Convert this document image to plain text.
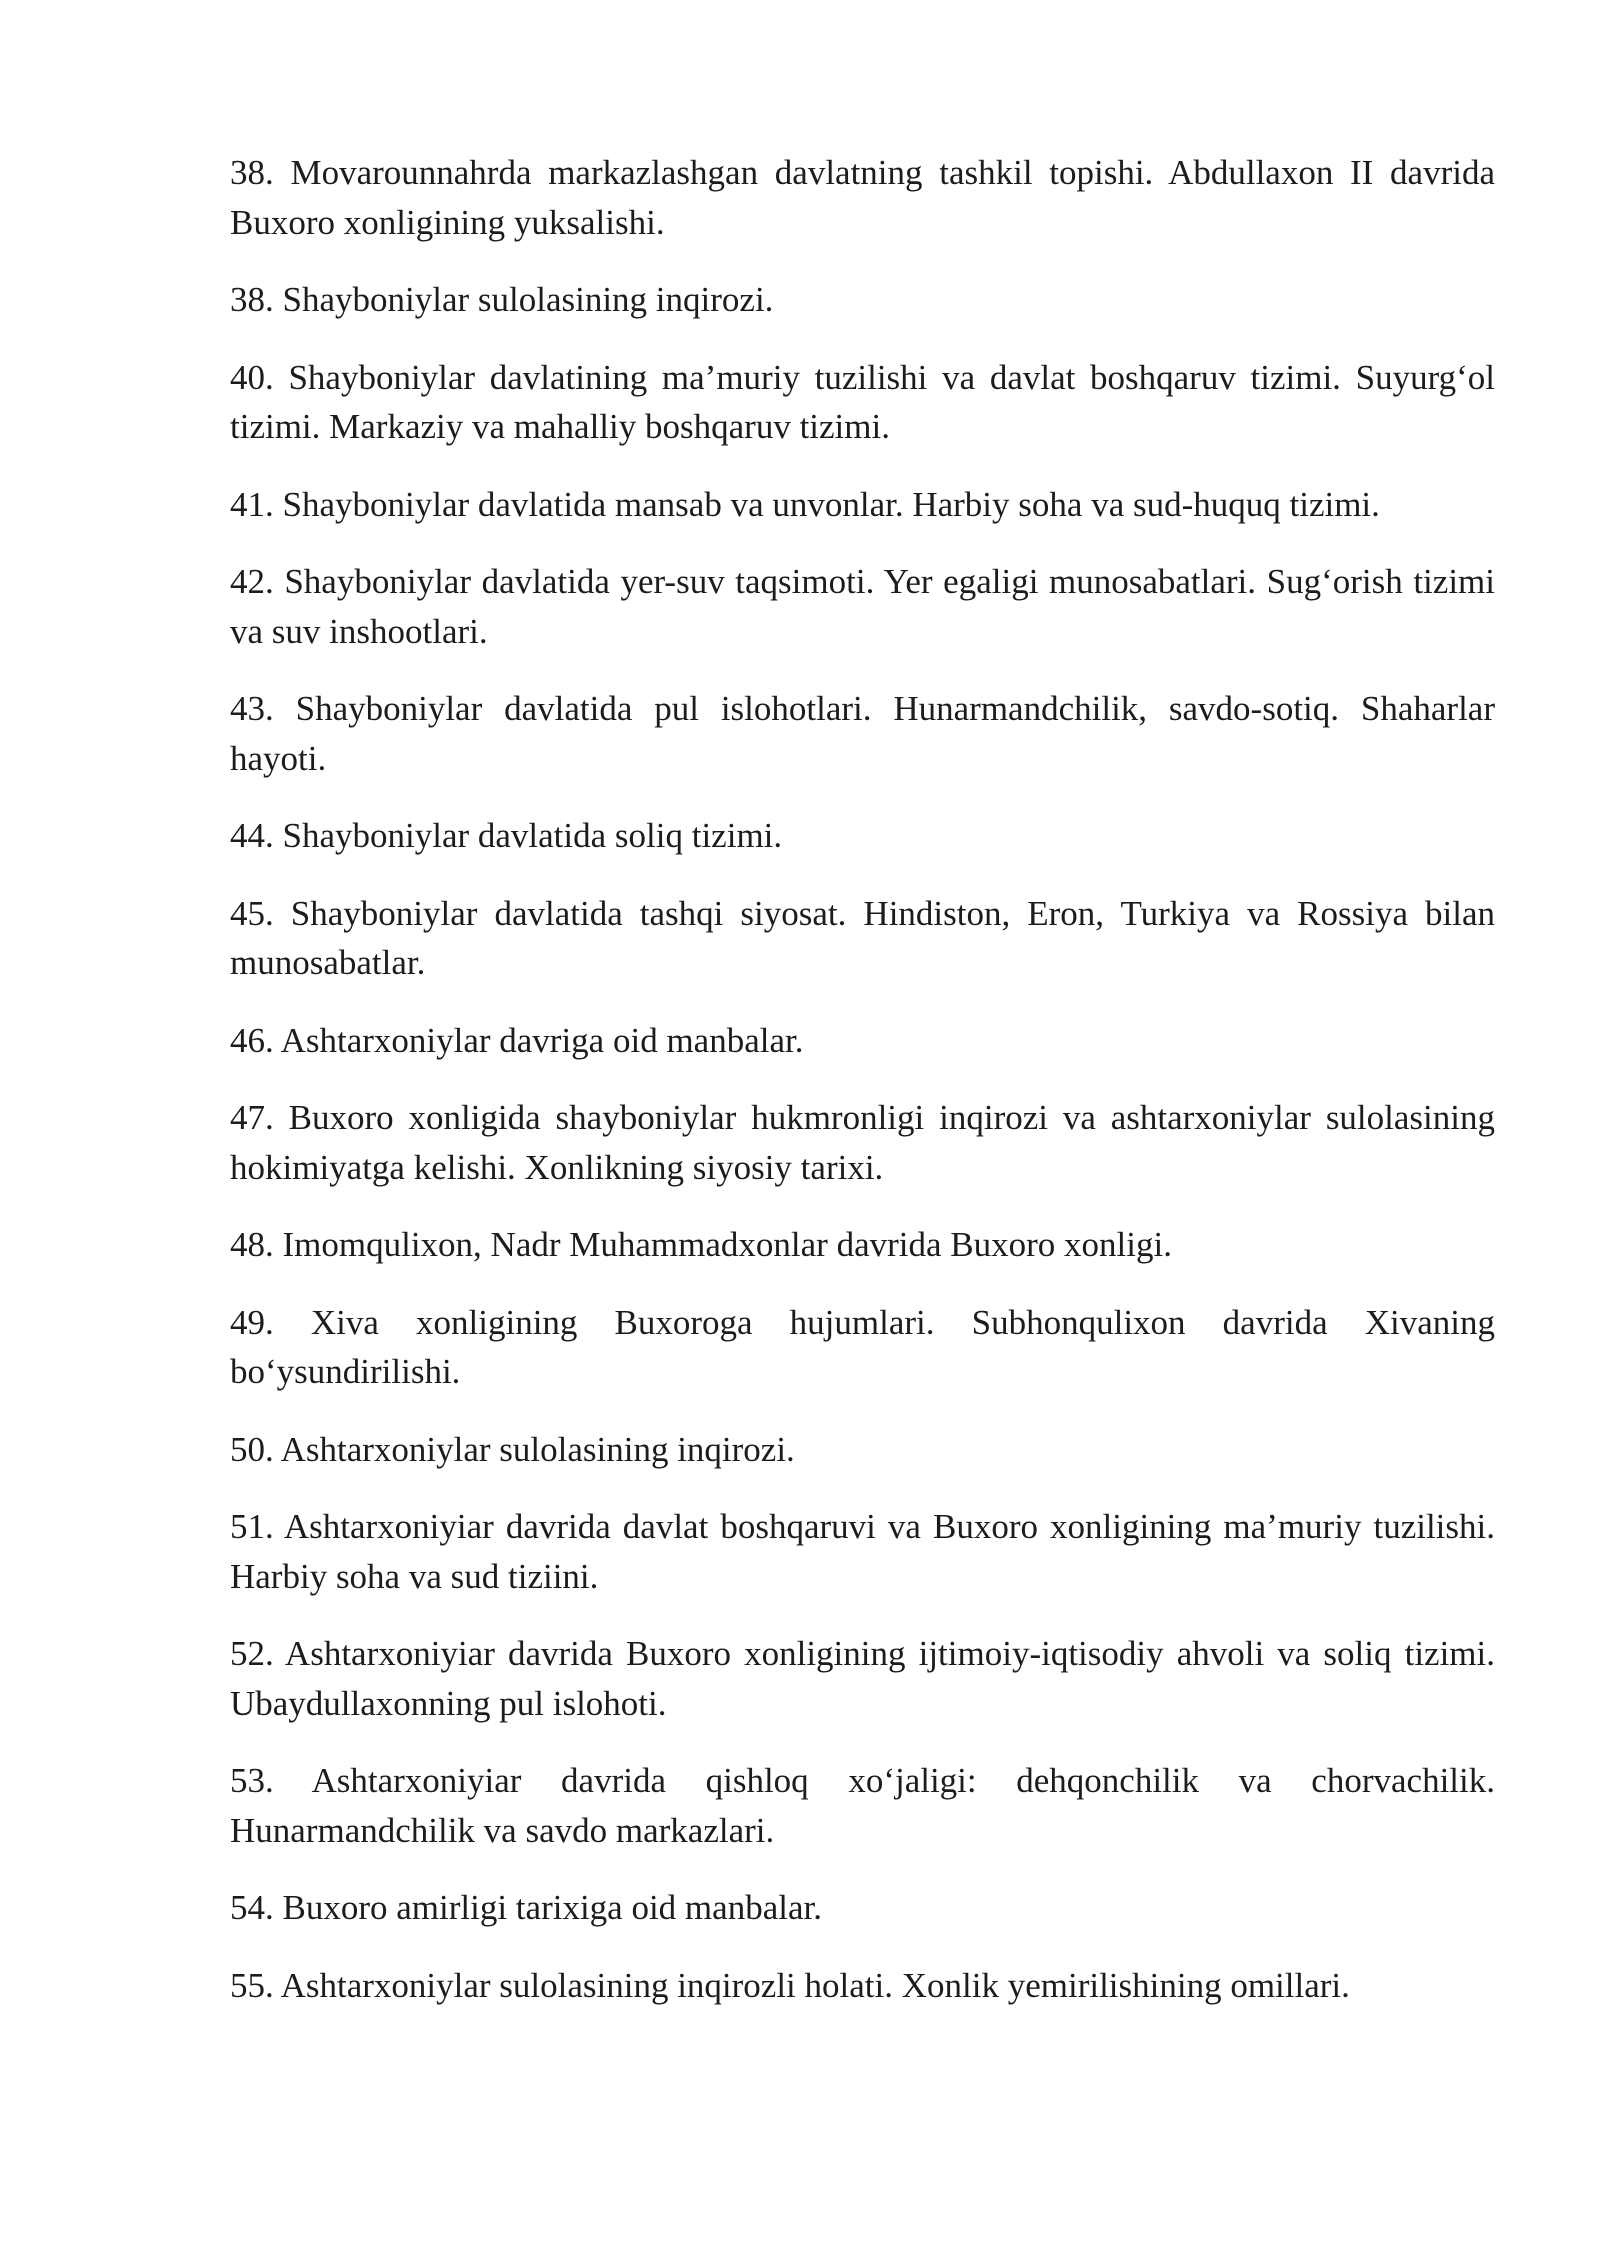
38. Movarounnahrda markazlashgan davlatning tashkil topishi. Abdullaxon II davrida Buxoro xonligining yuksalishi.

38. Shayboniylar sulolasining inqirozi.

40. Shayboniylar davlatining ma’muriy tuzilishi va davlat boshqaruv tizimi. Suyurg‘ol tizimi. Markaziy va mahalliy boshqaruv tizimi.

41. Shayboniylar davlatida mansab va unvonlar. Harbiy soha va sud-huquq tizimi.

42. Shayboniylar davlatida yer-suv taqsimoti. Yer egaligi munosabatlari. Sug‘orish tizimi va suv inshootlari.

43. Shayboniylar davlatida pul islohotlari. Hunarmandchilik, savdo-sotiq. Shaharlar hayoti.

44. Shayboniylar davlatida soliq tizimi.

45. Shayboniylar davlatida tashqi siyosat. Hindiston, Eron, Turkiya va Rossiya bilan munosabatlar.

46. Ashtarxoniylar davriga oid manbalar.

47. Buxoro xonligida shayboniylar hukmronligi inqirozi va ashtarxoniylar sulolasining hokimiyatga kelishi. Xonlikning siyosiy tarixi.

48. Imomqulixon, Nadr Muhammadxonlar davrida Buxoro xonligi.

49. Xiva xonligining Buxoroga hujumlari. Subhonqulixon davrida Xivaning bo‘ysundirilishi.

50. Ashtarxoniylar sulolasining inqirozi.

51. Ashtarxoniyiar davrida davlat boshqaruvi va Buxoro xonligining ma’muriy tuzilishi. Harbiy soha va sud tiziini.

52. Ashtarxoniyiar davrida Buxoro xonligining ijtimoiy-iqtisodiy ahvoli va soliq tizimi. Ubaydullaxonning pul islohoti.

53. Ashtarxoniyiar davrida qishloq xo‘jaligi: dehqonchilik va chorvachilik. Hunarmandchilik va savdo markazlari.

54. Buxoro amirligi tarixiga oid manbalar.

55. Ashtarxoniylar sulolasining inqirozli holati. Xonlik yemirilishining omillari.
